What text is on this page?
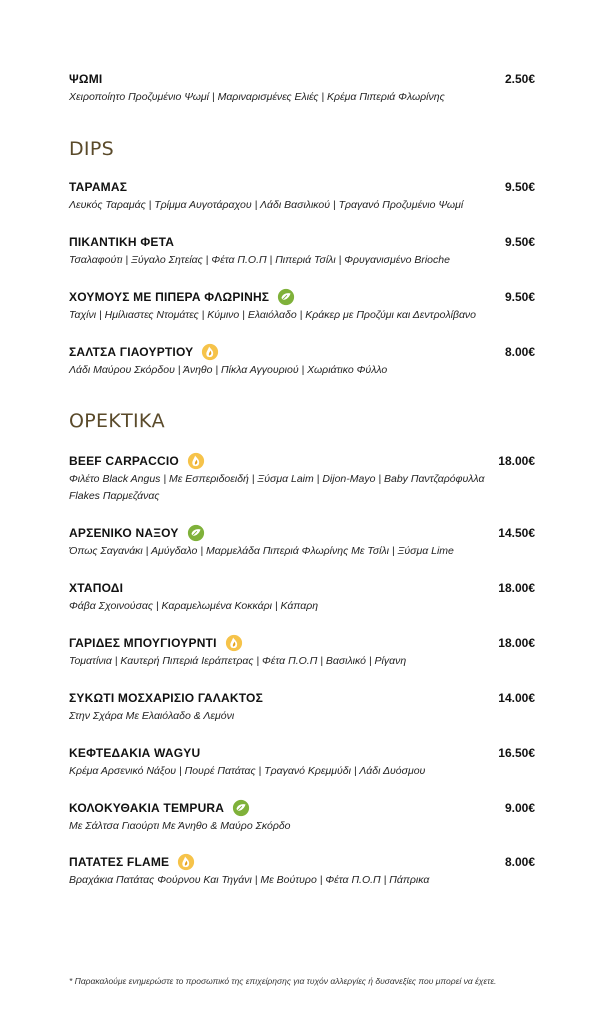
ΨΩΜΙ	2.50€
Χειροποίητο Προζυμένιο Ψωμί | Μαριναρισμένες Ελιές | Κρέμα Πιπεριά Φλωρίνης
DIPS
ΤΑΡΑΜΑΣ	9.50€
Λευκός Ταραμάς | Τρίμμα Αυγοτάραχου | Λάδι Βασιλικού | Τραγανό Προζυμένιο Ψωμί
ΠΙΚΑΝΤΙΚΗ ΦΕΤΑ	9.50€
Τσαλαφούτι | Ξύγαλο Σητείας | Φέτα Π.Ο.Π | Πιπεριά Τσίλι | Φρυγανισμένο Brioche
ΧΟΥΜΟΥΣ ΜΕ ΠΙΠΕΡΑ ΦΛΩΡΙΝΗΣ	9.50€
Ταχίνι | Ημίλιαστες Ντομάτες | Κύμινο | Ελαιόλαδο | Κράκερ με Προζύμι και Δεντρολίβανο
ΣΑΛΤΣΑ ΓΙΑΟΥΡΤΙΟΥ	8.00€
Λάδι Μαύρου Σκόρδου | Άνηθο | Πίκλα Αγγουριού | Χωριάτικο Φύλλο
ΟΡΕΚΤΙΚΑ
BEEF CARPACCIO	18.00€
Φιλέτο Black Angus | Με Εσπεριδοειδή | Ξύσμα Laim | Dijon-Mayo | Baby Παντζαρόφυλλα Flakes Παρμεζάνας
ΑΡΣΕΝΙΚΟ ΝΑΞΟΥ	14.50€
Όπως Σαγανάκι | Αμύγδαλο | Μαρμελάδα Πιπεριά Φλωρίνης Με Τσίλι | Ξύσμα Lime
ΧΤΑΠΟΔΙ	18.00€
Φάβα Σχοινούσας | Καραμελωμένα Κοκκάρι | Κάπαρη
ΓΑΡΙΔΕΣ ΜΠΟΥΓΙΟΥΡΝΤΙ	18.00€
Τοματίνια | Καυτερή Πιπεριά Ιεράπετρας | Φέτα Π.Ο.Π | Βασιλικό | Ρίγανη
ΣΥΚΩΤΙ ΜΟΣΧΑΡΙΣΙΟ ΓΑΛΑΚΤΟΣ	14.00€
Στην Σχάρα Με Ελαιόλαδο & Λεμόνι
ΚΕΦΤΕΔΑΚΙΑ WAGYU	16.50€
Κρέμα Αρσενικό Νάξου | Πουρέ Πατάτας | Τραγανό Κρεμμύδι | Λάδι Δυόσμου
ΚΟΛΟΚΥΘΑΚΙΑ TEMPURA	9.00€
Με Σάλτσα Γιαούρτι Με Άνηθο & Μαύρο Σκόρδο
ΠΑΤΑΤΕΣ FLAME	8.00€
Βραχάκια Πατάτας Φούρνου Και Τηγάνι | Με Βούτυρο | Φέτα Π.Ο.Π | Πάπρικα
* Παρακαλούμε ενημερώστε το προσωπικό της επιχείρησης για τυχόν αλλεργίες ή δυσανεξίες που μπορεί να έχετε.
